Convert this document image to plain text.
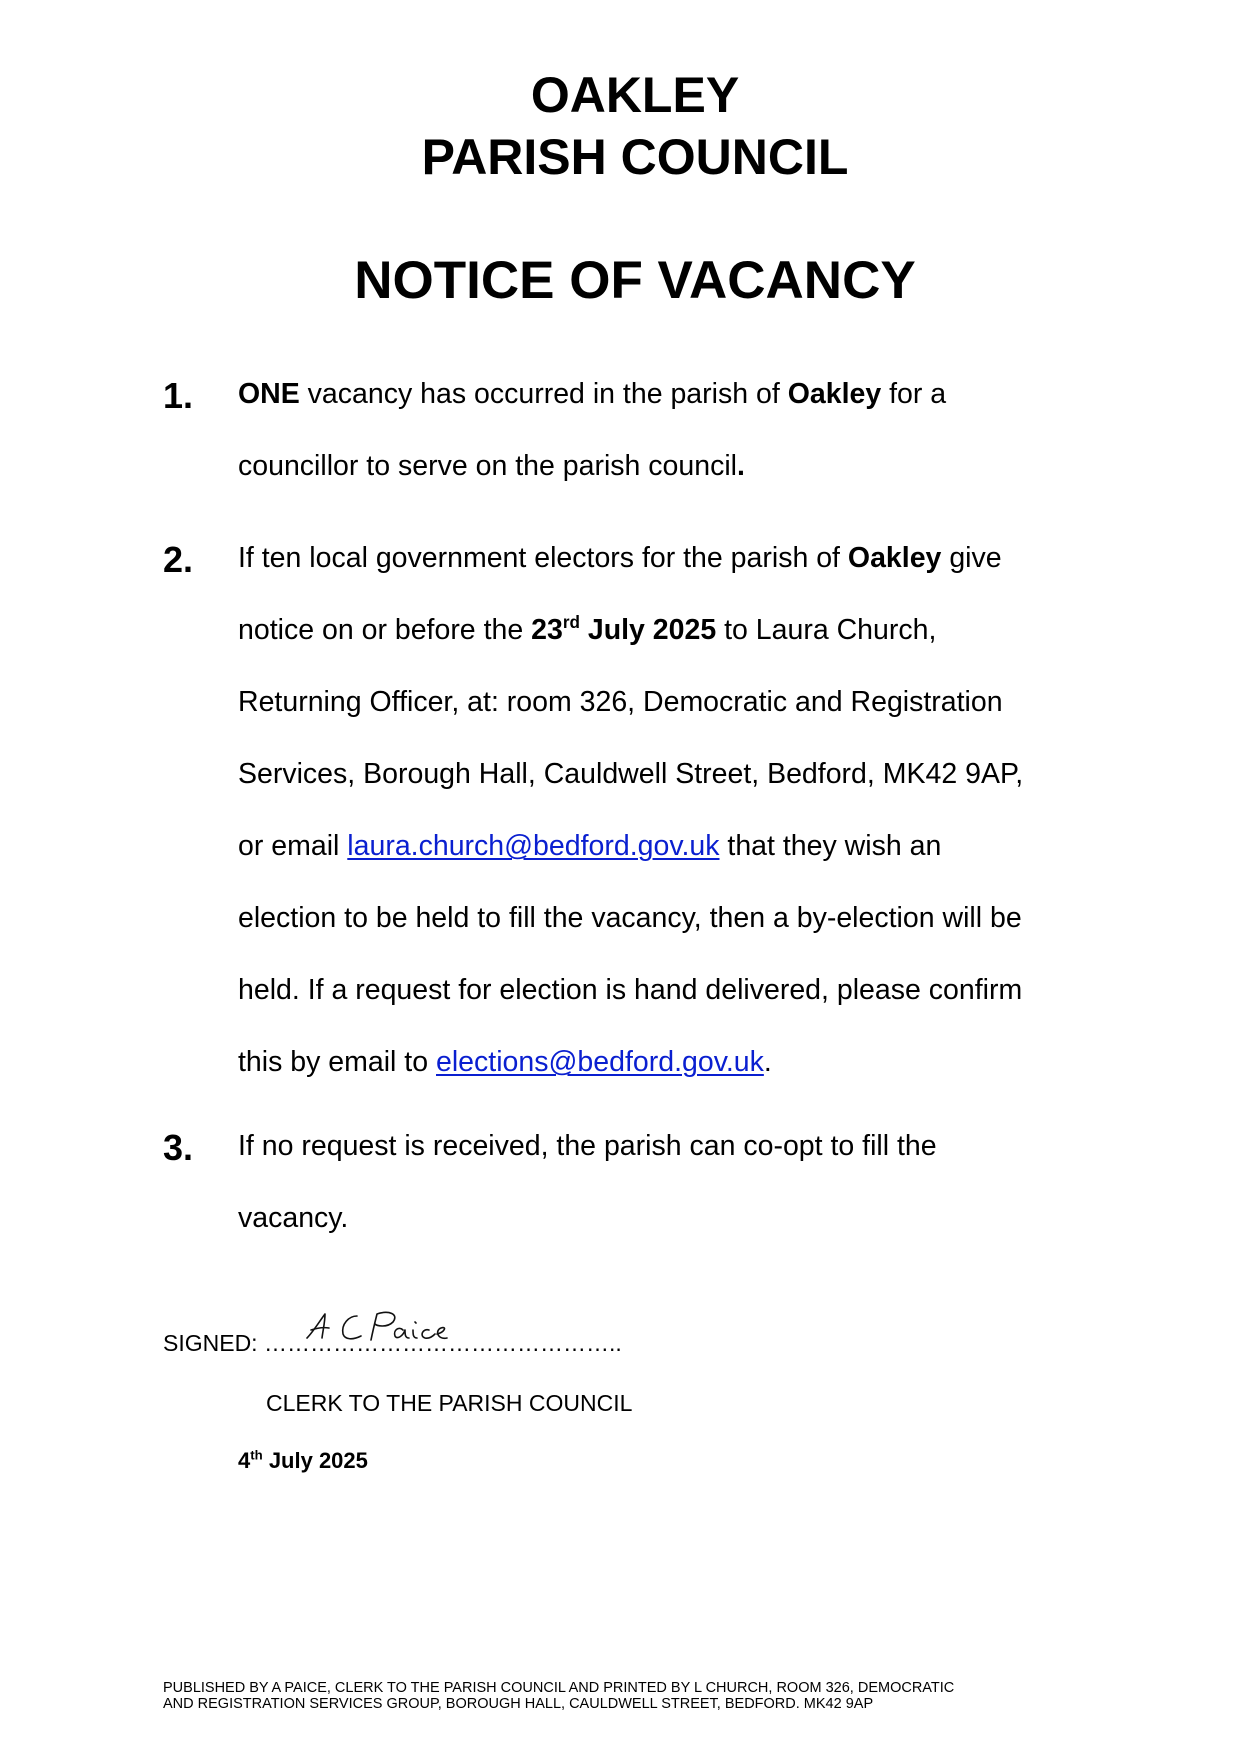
OAKLEY
PARISH COUNCIL
NOTICE OF VACANCY
1. ONE vacancy has occurred in the parish of Oakley for a
councillor to serve on the parish council.
2. If ten local government electors for the parish of Oakley give
notice on or before the 23rd July 2025 to Laura Church,
Returning Officer, at: room 326, Democratic and Registration
Services, Borough Hall, Cauldwell Street, Bedford, MK42 9AP,
or email laura.church@bedford.gov.uk that they wish an
election to be held to fill the vacancy, then a by-election will be
held. If a request for election is hand delivered, please confirm
this by email to elections@bedford.gov.uk.
3. If no request is received, the parish can co-opt to fill the
vacancy.
SIGNED: ………………………………………..
CLERK TO THE PARISH COUNCIL
4th July 2025
PUBLISHED BY A PAICE, CLERK TO THE PARISH COUNCIL AND PRINTED BY L CHURCH, ROOM 326, DEMOCRATIC
AND REGISTRATION SERVICES GROUP, BOROUGH HALL, CAULDWELL STREET, BEDFORD. MK42 9AP
